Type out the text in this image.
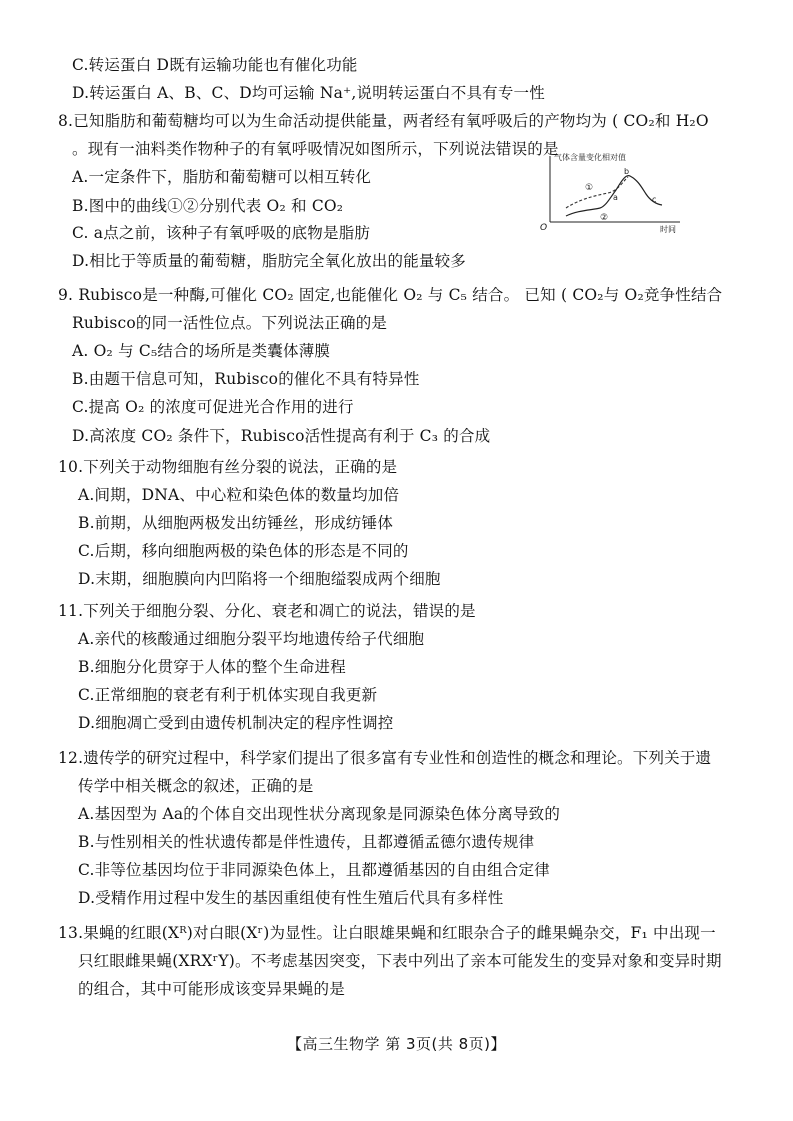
C.转运蛋白 D既有运输功能也有催化功能
D.转运蛋白 A、B、C、D均可运输 Na⁺,说明转运蛋白不具有专一性
8.已知脂肪和葡萄糖均可以为生命活动提供能量，两者经有氧呼吸后的产物均为 ( CO₂和 H₂O
。现有一油料类作物种子的有氧呼吸情况如图所示，下列说法错误的是
A.一定条件下，脂肪和葡萄糖可以相互转化
B.图中的曲线①②分别代表 O₂ 和 CO₂
C. a点之前，该种子有氧呼吸的底物是脂肪
D.相比于等质量的葡萄糖，脂肪完全氧化放出的能量较多
气体含量变化相对值
O	时间
①
②
a
b
c
9. Rubisco是一种酶,可催化 CO₂ 固定,也能催化 O₂ 与 C₅ 结合。 已知 ( CO₂与 O₂竞争性结合
Rubisco的同一活性位点。下列说法正确的是
A. O₂ 与 C₅结合的场所是类囊体薄膜
B.由题干信息可知，Rubisco的催化不具有特异性
C.提高 O₂ 的浓度可促进光合作用的进行
D.高浓度 CO₂ 条件下，Rubisco活性提高有利于 C₃ 的合成
10.下列关于动物细胞有丝分裂的说法，正确的是
A.间期，DNA、中心粒和染色体的数量均加倍
B.前期，从细胞两极发出纺锤丝，形成纺锤体
C.后期，移向细胞两极的染色体的形态是不同的
D.末期，细胞膜向内凹陷将一个细胞缢裂成两个细胞
11.下列关于细胞分裂、分化、衰老和凋亡的说法，错误的是
A.亲代的核酸通过细胞分裂平均地遗传给子代细胞
B.细胞分化贯穿于人体的整个生命进程
C.正常细胞的衰老有利于机体实现自我更新
D.细胞凋亡受到由遗传机制决定的程序性调控
12.遗传学的研究过程中，科学家们提出了很多富有专业性和创造性的概念和理论。下列关于遗
传学中相关概念的叙述，正确的是
A.基因型为 Aa的个体自交出现性状分离现象是同源染色体分离导致的
B.与性别相关的性状遗传都是伴性遗传，且都遵循孟德尔遗传规律
C.非等位基因均位于非同源染色体上，且都遵循基因的自由组合定律
D.受精作用过程中发生的基因重组使有性生殖后代具有多样性
13.果蝇的红眼(Xᴿ)对白眼(Xʳ)为显性。让白眼雄果蝇和红眼杂合子的雌果蝇杂交，F₁ 中出现一
只红眼雌果蝇(XRXʳY)。不考虑基因突变，下表中列出了亲本可能发生的变异对象和变异时期
的组合，其中可能形成该变异果蝇的是
【高三生物学 第 3页(共 8页)】
